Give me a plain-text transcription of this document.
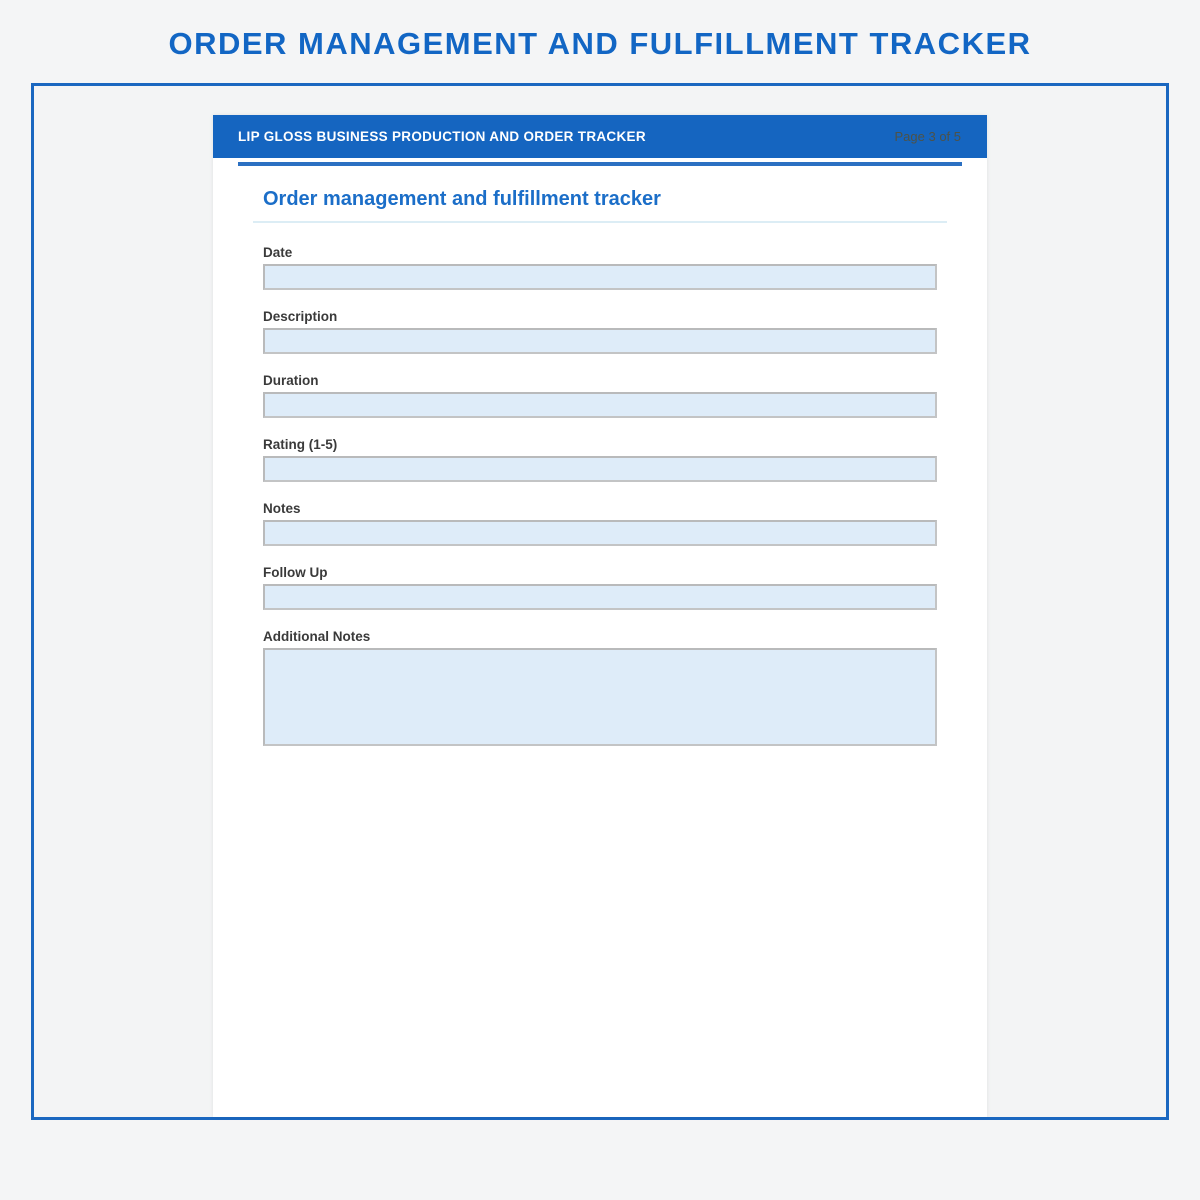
ORDER MANAGEMENT AND FULFILLMENT TRACKER
LIP GLOSS BUSINESS PRODUCTION AND ORDER TRACKER	Page 3 of 5
Order management and fulfillment tracker
Date
Description
Duration
Rating (1-5)
Notes
Follow Up
Additional Notes
